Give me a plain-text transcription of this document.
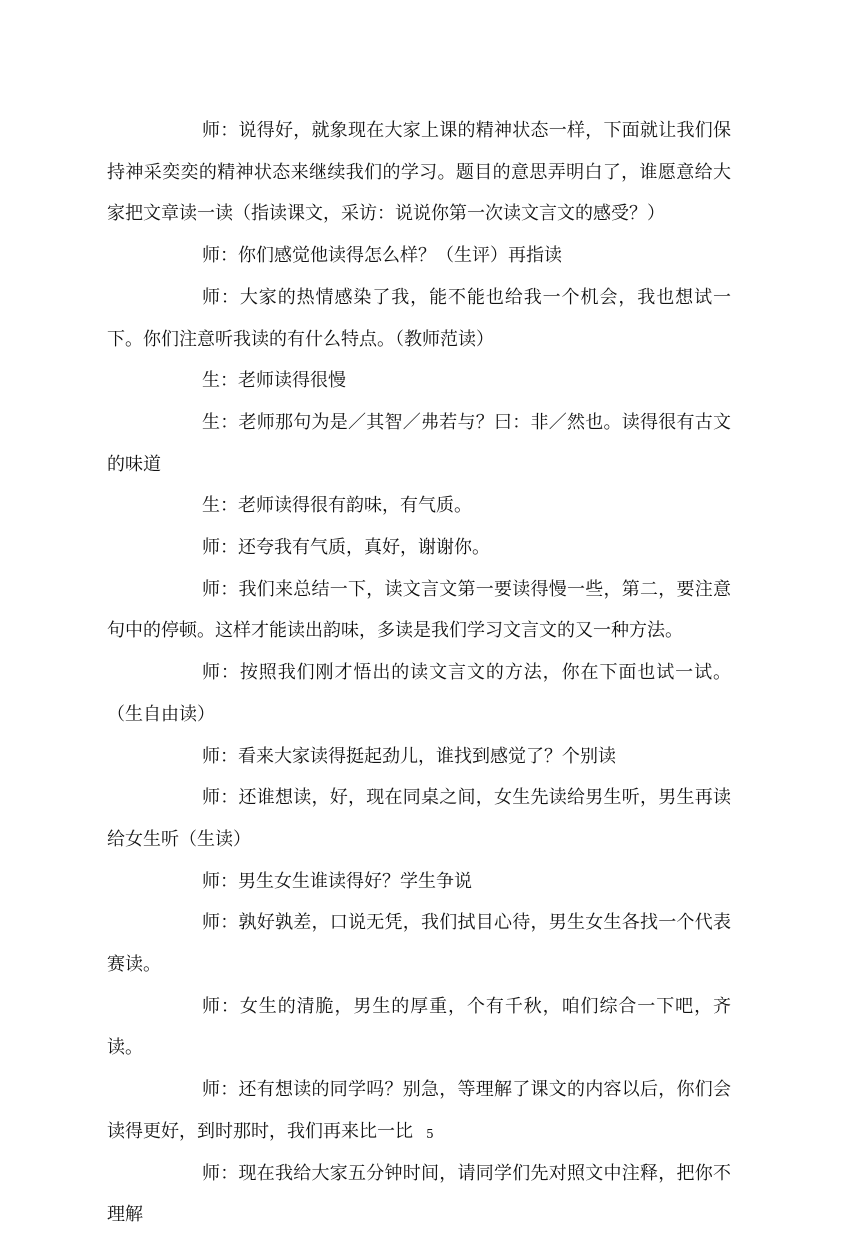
师：说得好，就象现在大家上课的精神状态一样，下面就让我们保持神采奕奕的精神状态来继续我们的学习。题目的意思弄明白了，谁愿意给大家把文章读一读（指读课文，采访：说说你第一次读文言文的感受？）

师：你们感觉他读得怎么样？（生评）再指读

师：大家的热情感染了我，能不能也给我一个机会，我也想试一下。你们注意听我读的有什么特点。（教师范读）

生：老师读得很慢

生：老师那句为是／其智／弗若与？曰：非／然也。读得很有古文的味道

生：老师读得很有韵味，有气质。

师：还夸我有气质，真好，谢谢你。

师：我们来总结一下，读文言文第一要读得慢一些，第二，要注意句中的停顿。这样才能读出韵味，多读是我们学习文言文的又一种方法。

师：按照我们刚才悟出的读文言文的方法，你在下面也试一试。（生自由读）

师：看来大家读得挺起劲儿，谁找到感觉了？个别读

师：还谁想读，好，现在同桌之间，女生先读给男生听，男生再读给女生听（生读）

师：男生女生谁读得好？学生争说

师：孰好孰差，口说无凭，我们拭目心待，男生女生各找一个代表赛读。

师：女生的清脆，男生的厚重，个有千秋，咱们综合一下吧，齐读。

师：还有想读的同学吗？别急，等理解了课文的内容以后，你们会读得更好，到时那时，我们再来比一比

师：现在我给大家五分钟时间，请同学们先对照文中注释，把你不理解

5
